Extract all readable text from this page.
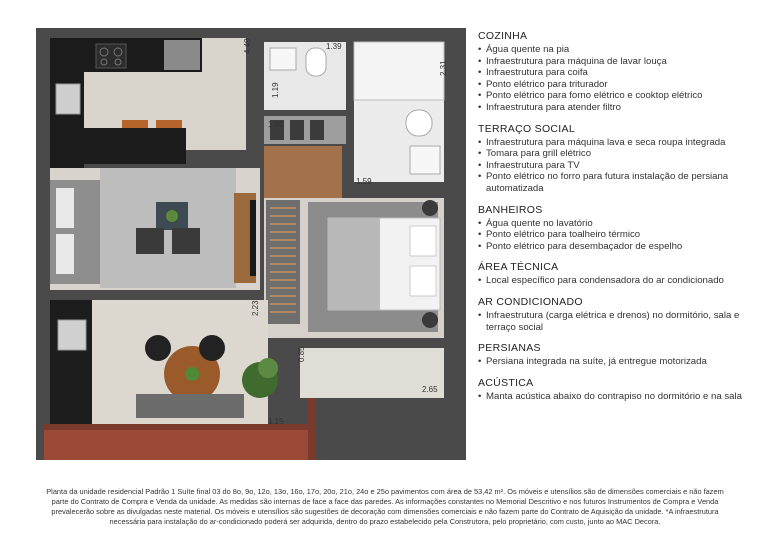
4.49	1.39
1.19
2.31
1.30
1.59
2.23
0.85
2.65
1.15
COZINHA
• Água quente na pia
• Infraestrutura para máquina de lavar louça
• Infraestrutura para coifa
• Ponto elétrico para triturador
• Ponto elétrico para forno elétrico e cooktop elétrico
• Infraestrutura para atender filtro
TERRAÇO SOCIAL
• Infraestrutura para máquina lava e seca roupa integrada
• Tomara para grill elétrico
• Infraestrutura para TV
• Ponto elétrico no forro para futura instalação de persiana automatizada
BANHEIROS
• Água quente no lavatório
• Ponto elétrico para toalheiro térmico
• Ponto elétrico para desembaçador de espelho
ÁREA TÉCNICA
• Local específico para condensadora do ar condicionado
AR CONDICIONADO
• Infraestrutura (carga elétrica e drenos) no dormitório, sala e terraço social
PERSIANAS
• Persiana integrada na suíte, já entregue motorizada
ACÚSTICA
• Manta acústica abaixo do contrapiso no dormitório e na sala
Planta da unidade residencial Padrão 1 Suíte final 03 do 8o, 9o, 12o, 13o, 16o, 17o, 20o, 21o, 24o e 25o pavimentos com área de 53,42 m². Os móveis e utensílios são de dimensões comerciais e não fazem parte do Contrato de Compra e Venda da unidade. As medidas são internas de face a face das paredes. As informações constantes no Memorial Descritivo e nos futuros Instrumentos de Compra e Venda prevalecerão sobre as divulgadas neste material. Os móveis e utensílios são sugestões de decoração com dimensões comerciais e não fazem parte do Contrato de Aquisição da unidade. *A infraestrutura necessária para instalação do ar-condicionado poderá ser adquirida, dentro do prazo estabelecido pela Construtora, pelo proprietário, com custo, junto ao MAC Decora.
